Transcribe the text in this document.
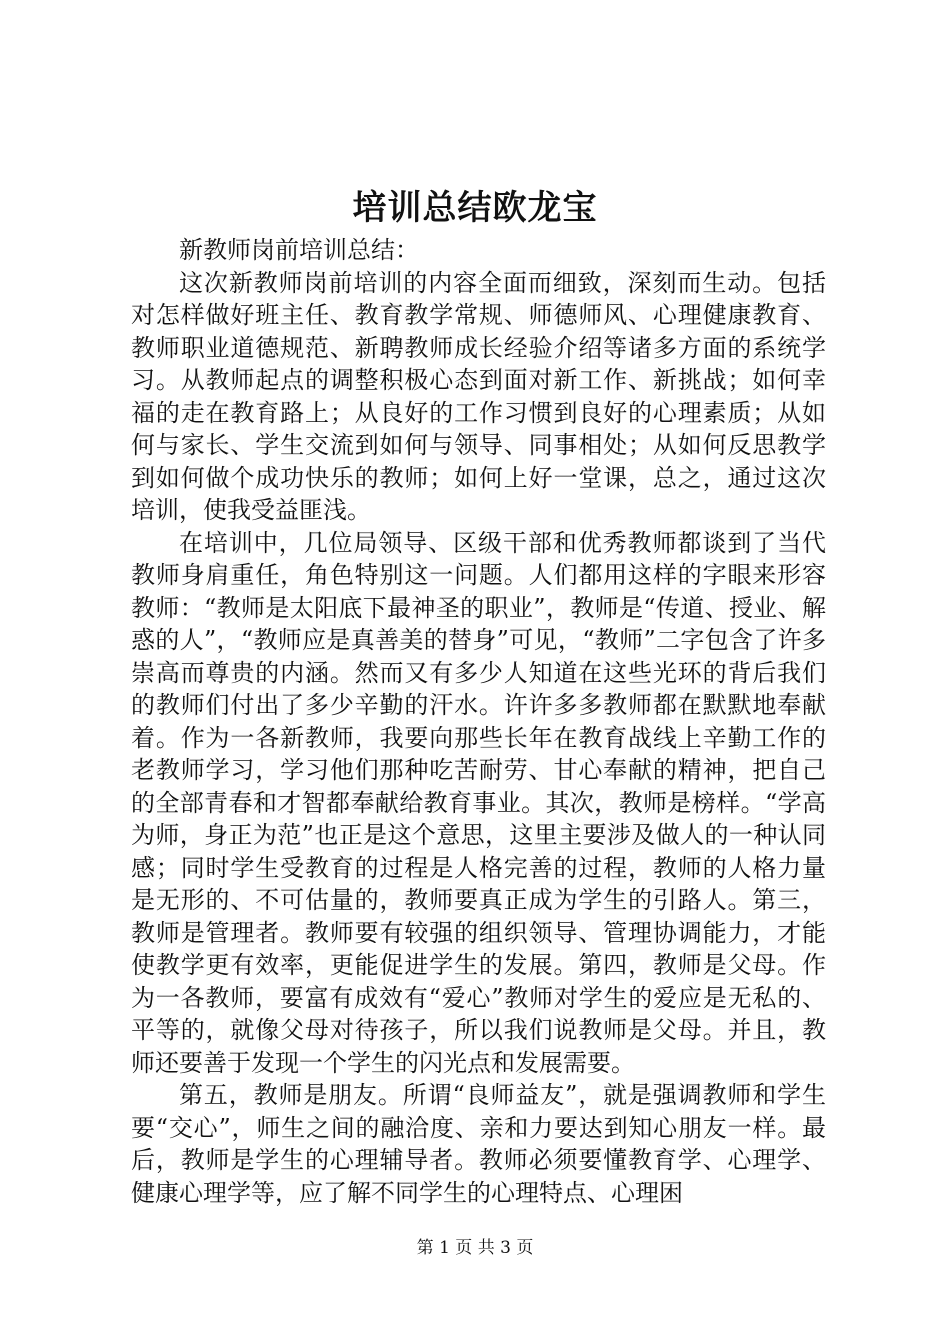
培训总结欧龙宝

新教师岗前培训总结：

这次新教师岗前培训的内容全面而细致，深刻而生动。包括对怎样做好班主任、教育教学常规、师德师风、心理健康教育、教师职业道德规范、新聘教师成长经验介绍等诸多方面的系统学习。从教师起点的调整积极心态到面对新工作、新挑战；如何幸福的走在教育路上；从良好的工作习惯到良好的心理素质；从如何与家长、学生交流到如何与领导、同事相处；从如何反思教学到如何做个成功快乐的教师；如何上好一堂课，总之，通过这次培训，使我受益匪浅。

在培训中，几位局领导、区级干部和优秀教师都谈到了当代教师身肩重任，角色特别这一问题。人们都用这样的字眼来形容教师：“教师是太阳底下最神圣的职业”，教师是“传道、授业、解惑的人”，“教师应是真善美的替身”可见，“教师”二字包含了许多崇高而尊贵的内涵。然而又有多少人知道在这些光环的背后我们的教师们付出了多少辛勤的汗水。许许多多教师都在默默地奉献着。作为一各新教师，我要向那些长年在教育战线上辛勤工作的老教师学习，学习他们那种吃苦耐劳、甘心奉献的精神，把自己的全部青春和才智都奉献给教育事业。其次，教师是榜样。“学高为师，身正为范”也正是这个意思，这里主要涉及做人的一种认同感；同时学生受教育的过程是人格完善的过程，教师的人格力量是无形的、不可估量的，教师要真正成为学生的引路人。第三，教师是管理者。教师要有较强的组织领导、管理协调能力，才能使教学更有效率，更能促进学生的发展。第四，教师是父母。作为一各教师，要富有成效有“爱心”教师对学生的爱应是无私的、平等的，就像父母对待孩子，所以我们说教师是父母。并且，教师还要善于发现一个学生的闪光点和发展需要。

第五，教师是朋友。所谓“良师益友”，就是强调教师和学生要“交心”，师生之间的融洽度、亲和力要达到知心朋友一样。最后，教师是学生的心理辅导者。教师必须要懂教育学、心理学、健康心理学等，应了解不同学生的心理特点、心理困

第 1 页 共 3 页
